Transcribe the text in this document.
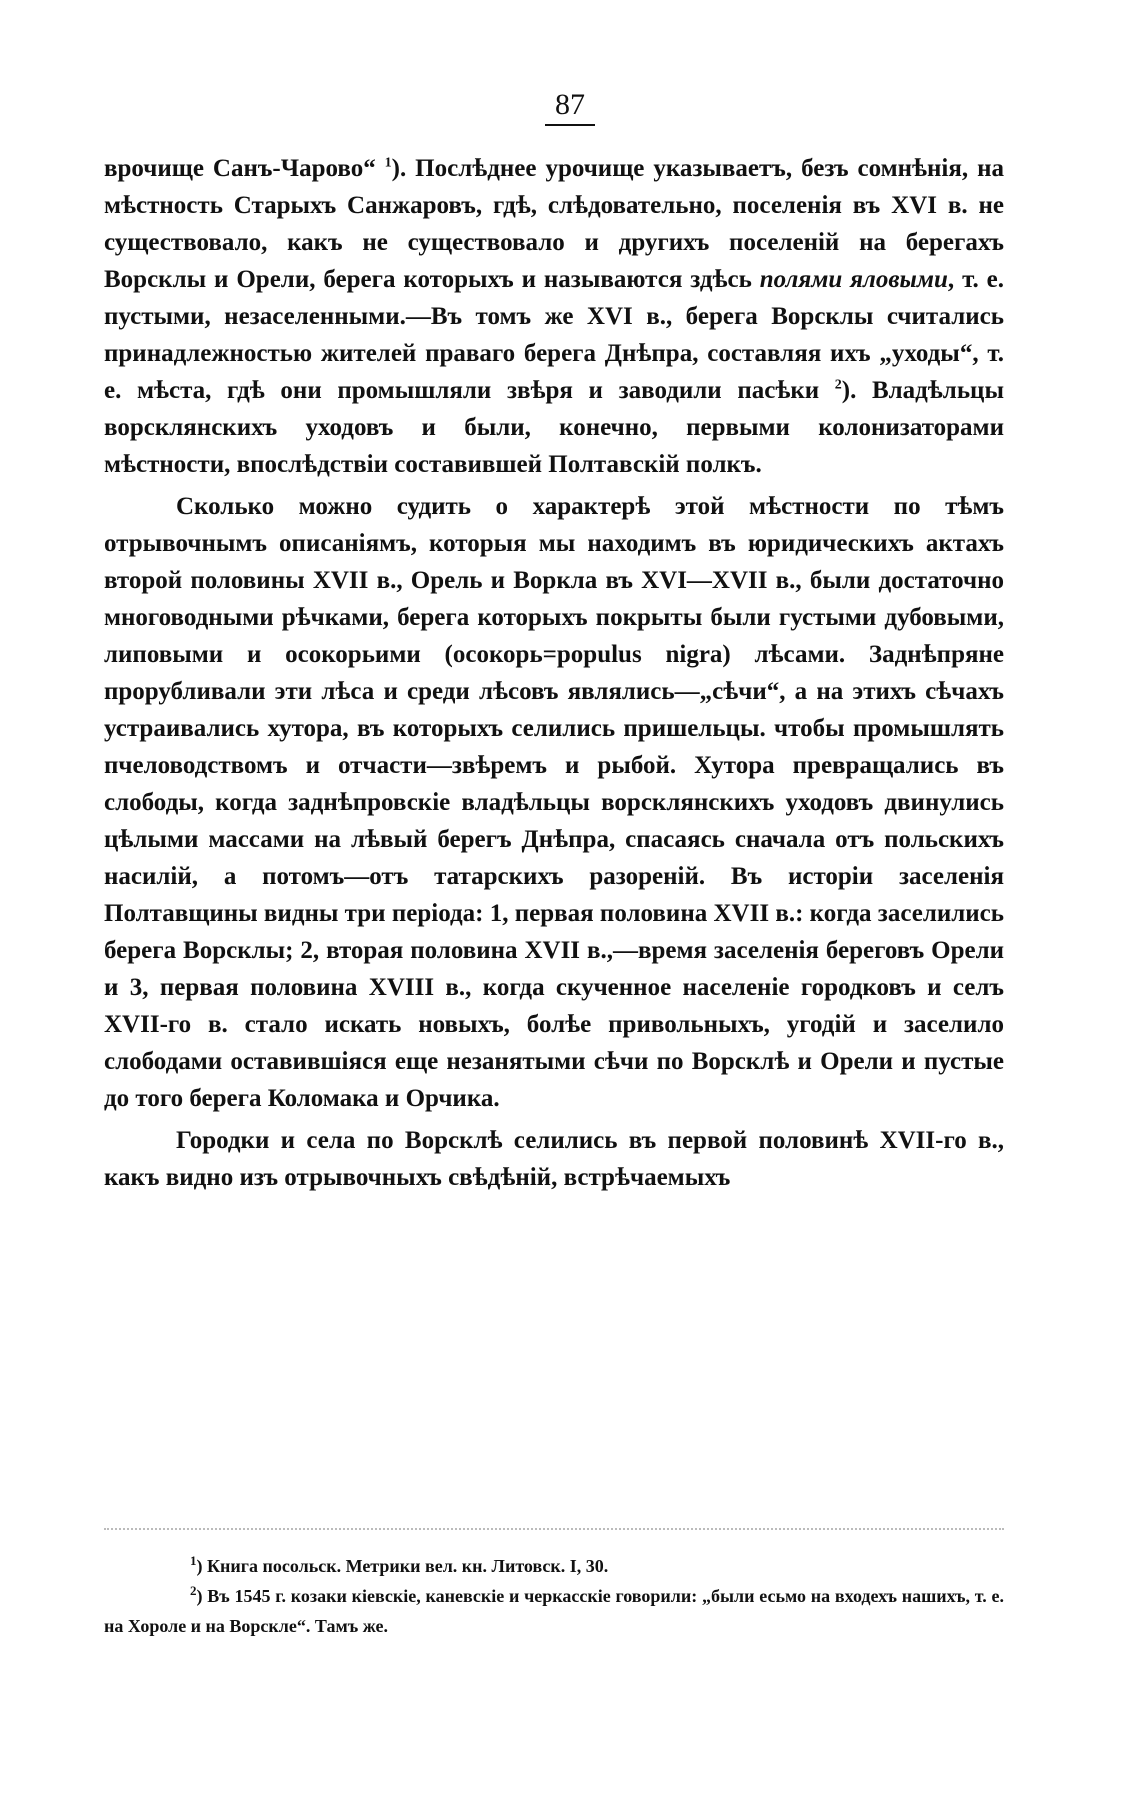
87

врочище Санъ-Чарово“ $^1$). Послѣднее урочище указываетъ, безъ сомнѣнія, на мѣстность Старыхъ Санжаровъ, гдѣ, слѣдовательно, поселенія въ XVI в. не существовало, какъ не существовало и другихъ поселеній на берегахъ Ворсклы и Орели, берега которыхъ и называются здѣсь полями яловыми, т. е. пустыми, незаселенными.—Въ томъ же XVI в., берега Ворсклы считались принадлежностью жителей праваго берега Днѣпра, составляя ихъ „уходы“, т. е. мѣста, гдѣ они промышляли звѣря и заводили пасѣки $^2$). Владѣльцы ворсклянскихъ уходовъ и были, конечно, первыми колонизаторами мѣстности, впослѣдствіи составившей Полтавскій полкъ.

Сколько можно судить о характерѣ этой мѣстности по тѣмъ отрывочнымъ описаніямъ, которыя мы находимъ въ юридическихъ актахъ второй половины XVII в., Орель и Воркла въ XVI—XVII в., были достаточно многоводными рѣчками, берега которыхъ покрыты были густыми дубовыми, липовыми и осокорьими (осокорь=populus nigra) лѣсами. Заднѣпряне прорубливали эти лѣса и среди лѣсовъ являлись—„сѣчи“, а на этихъ сѣчахъ устраивались хутора, въ которыхъ селились пришельцы. чтобы промышлять пчеловодствомъ и отчасти—звѣремъ и рыбой. Хутора превращались въ слободы, когда заднѣпровскіе владѣльцы ворсклянскихъ уходовъ двинулись цѣлыми массами на лѣвый берегъ Днѣпра, спасаясь сначала отъ польскихъ насилій, а потомъ—отъ татарскихъ разореній. Въ исторіи заселенія Полтавщины видны три періода: 1, первая половина XVII в.: когда заселились берега Ворсклы; 2, вторая половина XVII в.,—время заселенія береговъ Орели и 3, первая половина XVIII в., когда скученное населеніе городковъ и селъ XVII-го в. стало искать новыхъ, болѣе привольныхъ, угодій и заселило слободами оставившіяся еще незанятыми сѣчи по Ворсклѣ и Орели и пустые до того берега Коломака и Орчика.

Городки и села по Ворсклѣ селились въ первой половинѣ XVII-го в., какъ видно изъ отрывочныхъ свѣдѣній, встрѣчаемыхъ

$^1$) Книга посольск. Метрики вел. кн. Литовск. I, 30.

$^2$) Въ 1545 г. козаки кіевскіе, каневскіе и черкасскіе говорили: „были есьмо на входехъ нашихъ, т. е. на Хороле и на Ворскле“. Тамъ же.
